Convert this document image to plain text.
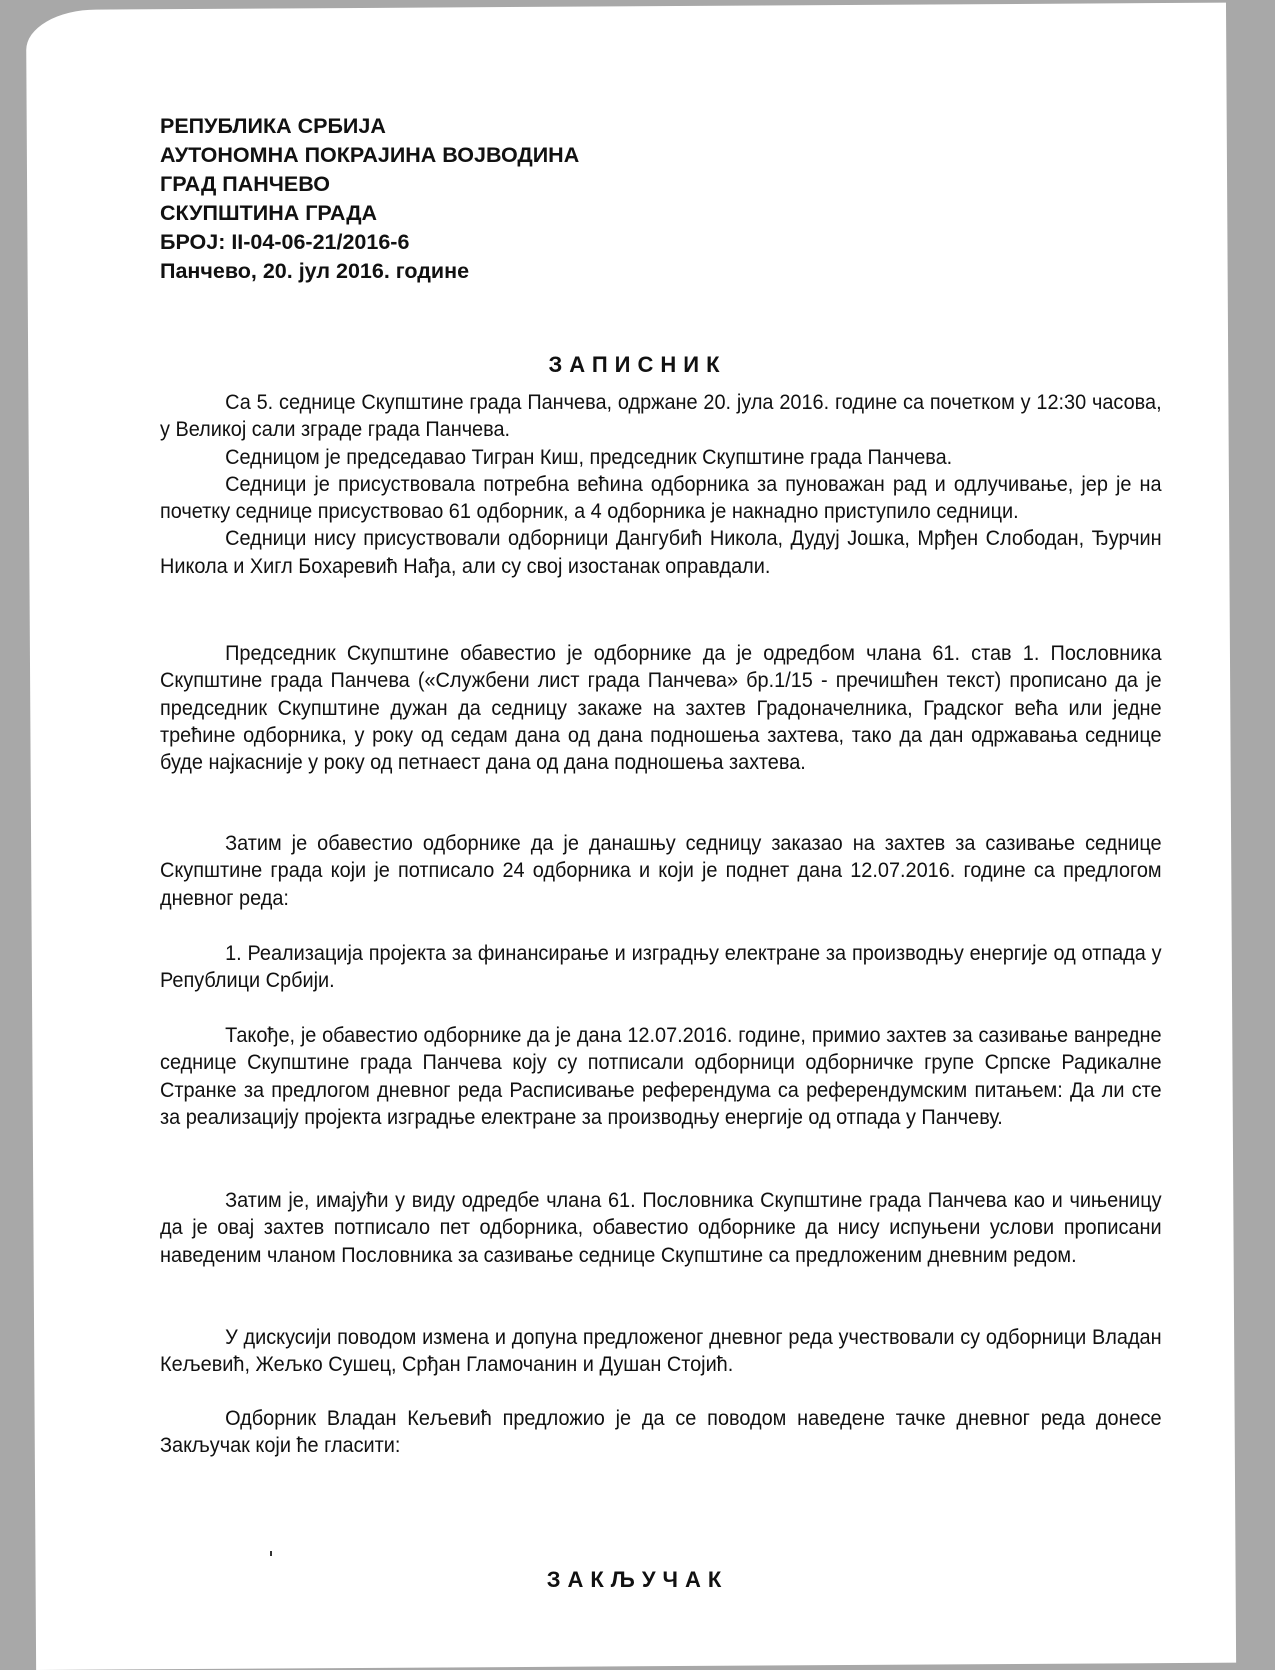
РЕПУБЛИКА СРБИЈА
АУТОНОМНА ПОКРАЈИНА ВОЈВОДИНА
ГРАД ПАНЧЕВО
СКУПШТИНА ГРАДА
БРОЈ: II-04-06-21/2016-6
Панчево, 20. јул 2016. године
ЗАПИСНИК

Са 5. седнице Скупштине града Панчева, одржане 20. јула 2016. године са почетком у 12:30 часова, у Великој сали зграде града Панчева.

Седницом је председавао Тигран Киш, председник Скупштине града Панчева.

Седници је присуствовала потребна већина одборника за пуноважан рад и одлучивање, јер је на почетку седнице присуствовао 61 одборник, а 4 одборника је накнадно приступило седници.

Седници нису присуствовали одборници Дангубић Никола, Дудуј Јошка, Мрђен Слободан, Ђурчин Никола и Хигл Бохаревић Нађа, али су свој изостанак оправдали.

Председник Скупштине обавестио је одборнике да је одредбом члана 61. став 1. Пословника Скупштине града Панчева («Службени лист града Панчева» бр.1/15 - пречишћен текст) прописано да је председник Скупштине дужан да седницу закаже на захтев Градоначелника, Градског већа или једне трећине одборника, у року од седам дана од дана подношења захтева, тако да дан одржавања седнице буде најкасније у року од петнаест дана од дана подношења захтева.

Затим је обавестио одборнике да је данашњу седницу заказао на захтев за сазивање седнице Скупштине града који је потписало 24 одборника и који је поднет дана 12.07.2016. године са предлогом дневног реда:

1. Реализација пројекта за финансирање и изградњу електране за производњу енергије од отпада у Републици Србији.

Такође, је обавестио одборнике да је дана 12.07.2016. године, примио захтев за сазивање ванредне седнице Скупштине града Панчева коју су потписали одборници одборничке групе Српске Радикалне Странке за предлогом дневног реда Расписивање референдума са референдумским питањем: Да ли сте за реализацију пројекта изградње електране за производњу енергије од отпада у Панчеву.

Затим је, имајући у виду одредбе члана 61. Пословника Скупштине града Панчева као и чињеницу да је овај захтев потписало пет одборника, обавестио одборнике да нису испуњени услови прописани наведеним чланом Пословника за сазивање седнице Скупштине са предложеним дневним редом.

У дискусији поводом измена и допуна предложеног дневног реда учествовали су одборници Владан Кељевић, Жељко Сушец, Срђан Гламочанин и Душан Стојић.

Одборник Владан Кељевић предложио је да се поводом наведене тачке дневног реда донесе Закључак који ће гласити:

ЗАКЉУЧАК
